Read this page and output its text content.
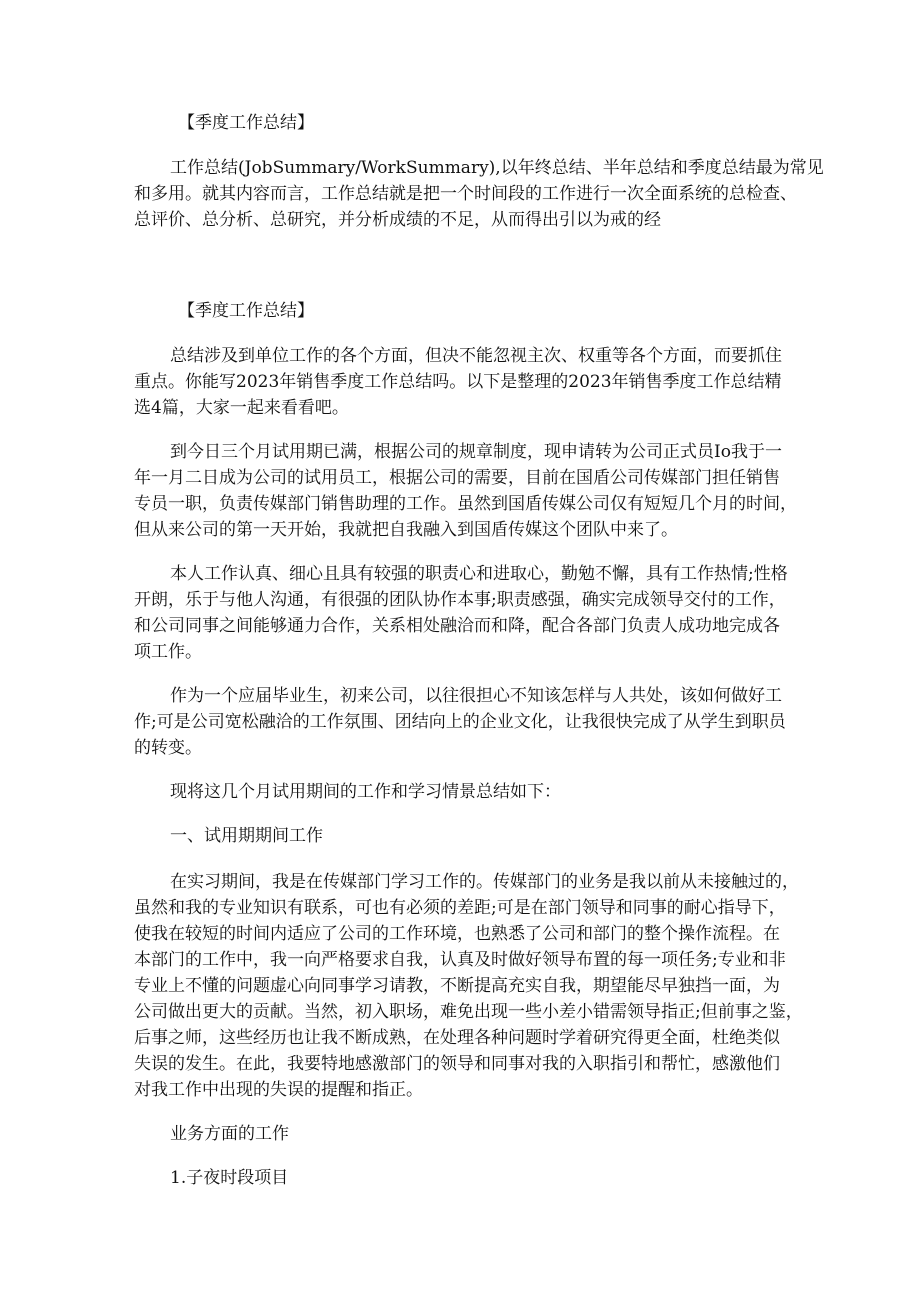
【季度工作总结】

工作总结(JobSummary/WorkSummary),以年终总结、半年总结和季度总结最为常见

和多用。就其内容而言，工作总结就是把一个时间段的工作进行一次全面系统的总检查、

总评价、总分析、总研究，并分析成绩的不足，从而得出引以为戒的经

【季度工作总结】

总结涉及到单位工作的各个方面，但决不能忽视主次、权重等各个方面，而要抓住

重点。你能写2023年销售季度工作总结吗。以下是整理的2023年销售季度工作总结精

选4篇，大家一起来看看吧。

到今日三个月试用期已满，根据公司的规章制度，现申请转为公司正式员Io我于一

年一月二日成为公司的试用员工，根据公司的需要，目前在国盾公司传媒部门担任销售

专员一职，负责传媒部门销售助理的工作。虽然到国盾传媒公司仅有短短几个月的时间，

但从来公司的第一天开始，我就把自我融入到国盾传媒这个团队中来了。

本人工作认真、细心且具有较强的职责心和进取心，勤勉不懈，具有工作热情;性格

开朗，乐于与他人沟通，有很强的团队协作本事;职责感强，确实完成领导交付的工作，

和公司同事之间能够通力合作，关系相处融洽而和降，配合各部门负责人成功地完成各

项工作。

作为一个应届毕业生，初来公司，以往很担心不知该怎样与人共处，该如何做好工

作;可是公司宽松融洽的工作氛围、团结向上的企业文化，让我很快完成了从学生到职员

的转变。

现将这几个月试用期间的工作和学习情景总结如下：

一、试用期期间工作

在实习期间，我是在传媒部门学习工作的。传媒部门的业务是我以前从未接触过的，

虽然和我的专业知识有联系，可也有必须的差距;可是在部门领导和同事的耐心指导下，

使我在较短的时间内适应了公司的工作环境，也熟悉了公司和部门的整个操作流程。在

本部门的工作中，我一向严格要求自我，认真及时做好领导布置的每一项任务;专业和非

专业上不懂的问题虚心向同事学习请教，不断提高充实自我，期望能尽早独挡一面，为

公司做出更大的贡献。当然，初入职场，难免出现一些小差小错需领导指正;但前事之鉴，

后事之师，这些经历也让我不断成熟，在处理各种问题时学着研究得更全面，杜绝类似

失误的发生。在此，我要特地感激部门的领导和同事对我的入职指引和帮忙，感激他们

对我工作中出现的失误的提醒和指正。

业务方面的工作

1.子夜时段项目
